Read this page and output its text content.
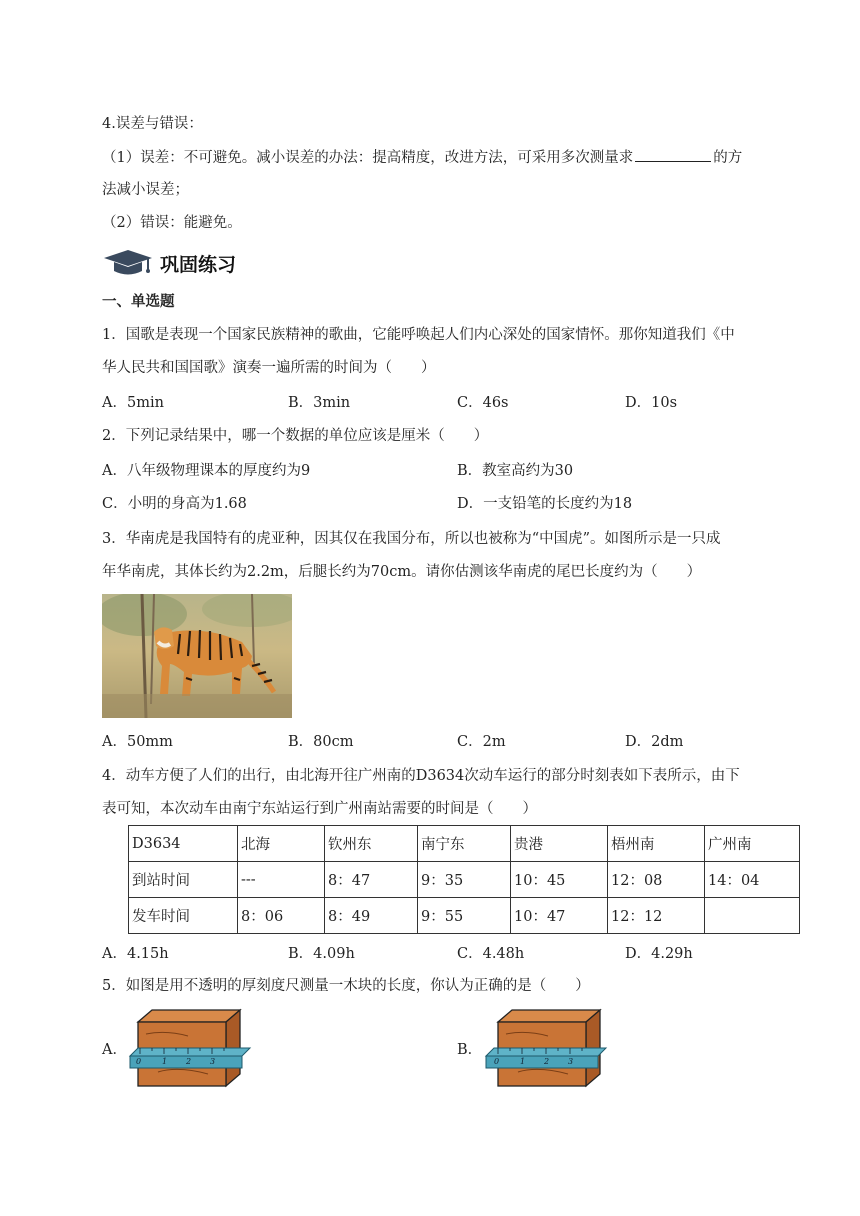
4.误差与错误：
（1）误差：不可避免。减小误差的办法：提高精度，改进方法，可采用多次测量求	的方
法减小误差；
（2）错误：能避免。
巩固练习
一、单选题
1．国歌是表现一个国家民族精神的歌曲，它能呼唤起人们内心深处的国家情怀。那你知道我们《中
华人民共和国国歌》演奏一遍所需的时间为（　　）
A．5min	B．3min	C．46s	D．10s
2．下列记录结果中，哪一个数据的单位应该是厘米（　　）
A．八年级物理课本的厚度约为9	B．教室高约为30
C．小明的身高为1.68	D．一支铅笔的长度约为18
3．华南虎是我国特有的虎亚种，因其仅在我国分布，所以也被称为“中国虎”。如图所示是一只成
年华南虎，其体长约为2.2m，后腿长约为70cm。请你估测该华南虎的尾巴长度约为（　　）
A．50mm	B．80cm	C．2m	D．2dm
4．动车方便了人们的出行，由北海开往广州南的D3634次动车运行的部分时刻表如下表所示，由下
表可知，本次动车由南宁东站运行到广州南站需要的时间是（　　）
D3634	北海	钦州东	南宁东	贵港	梧州南	广州南
到站时间	---	8：47	9：35	10：45	12：08	14：04
发车时间	8：06	8：49	9：55	10：47	12：12	
A．4.15h	B．4.09h	C．4.48h	D．4.29h
5．如图是用不透明的厚刻度尺测量一木块的长度，你认为正确的是（　　）
A．
0	1 2 3
B．
0	1 2 3
